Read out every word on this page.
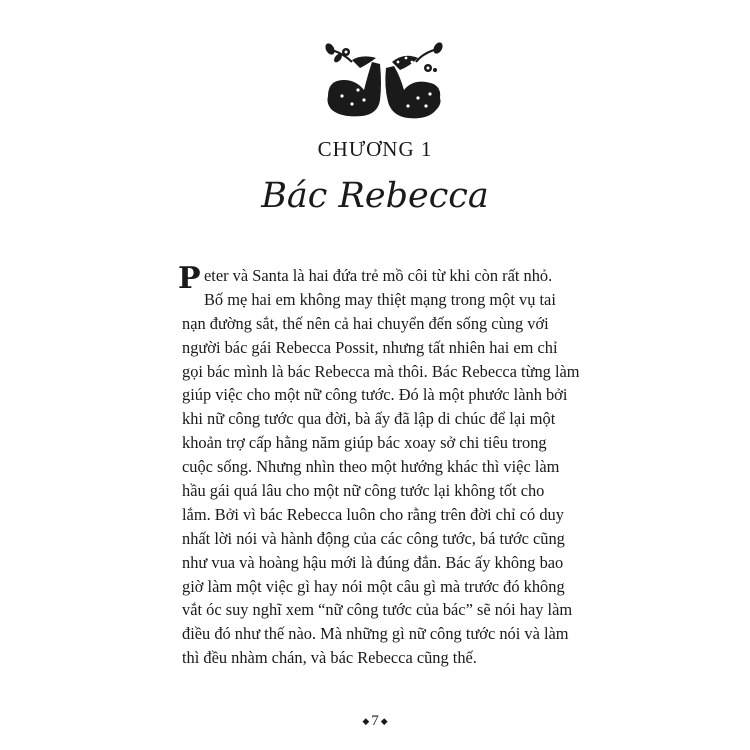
CHƯƠNG 1
Bác Rebecca
P eter và Santa là hai đứa trẻ mồ côi từ khi còn rất nhỏ.
Bố mẹ hai em không may thiệt mạng trong một vụ tai
nạn đường sắt, thế nên cả hai chuyển đến sống cùng với
người bác gái Rebecca Possit, nhưng tất nhiên hai em chỉ
gọi bác mình là bác Rebecca mà thôi. Bác Rebecca từng làm
giúp việc cho một nữ công tước. Đó là một phước lành bởi
khi nữ công tước qua đời, bà ấy đã lập di chúc để lại một
khoản trợ cấp hằng năm giúp bác xoay sở chi tiêu trong
cuộc sống. Nhưng nhìn theo một hướng khác thì việc làm
hầu gái quá lâu cho một nữ công tước lại không tốt cho
lắm. Bởi vì bác Rebecca luôn cho rằng trên đời chỉ có duy
nhất lời nói và hành động của các công tước, bá tước cũng
như vua và hoàng hậu mới là đúng đắn. Bác ấy không bao
giờ làm một việc gì hay nói một câu gì mà trước đó không
vắt óc suy nghĩ xem “nữ công tước của bác” sẽ nói hay làm
điều đó như thế nào. Mà những gì nữ công tước nói và làm
thì đều nhàm chán, và bác Rebecca cũng thế.
◆ 7 ◆
